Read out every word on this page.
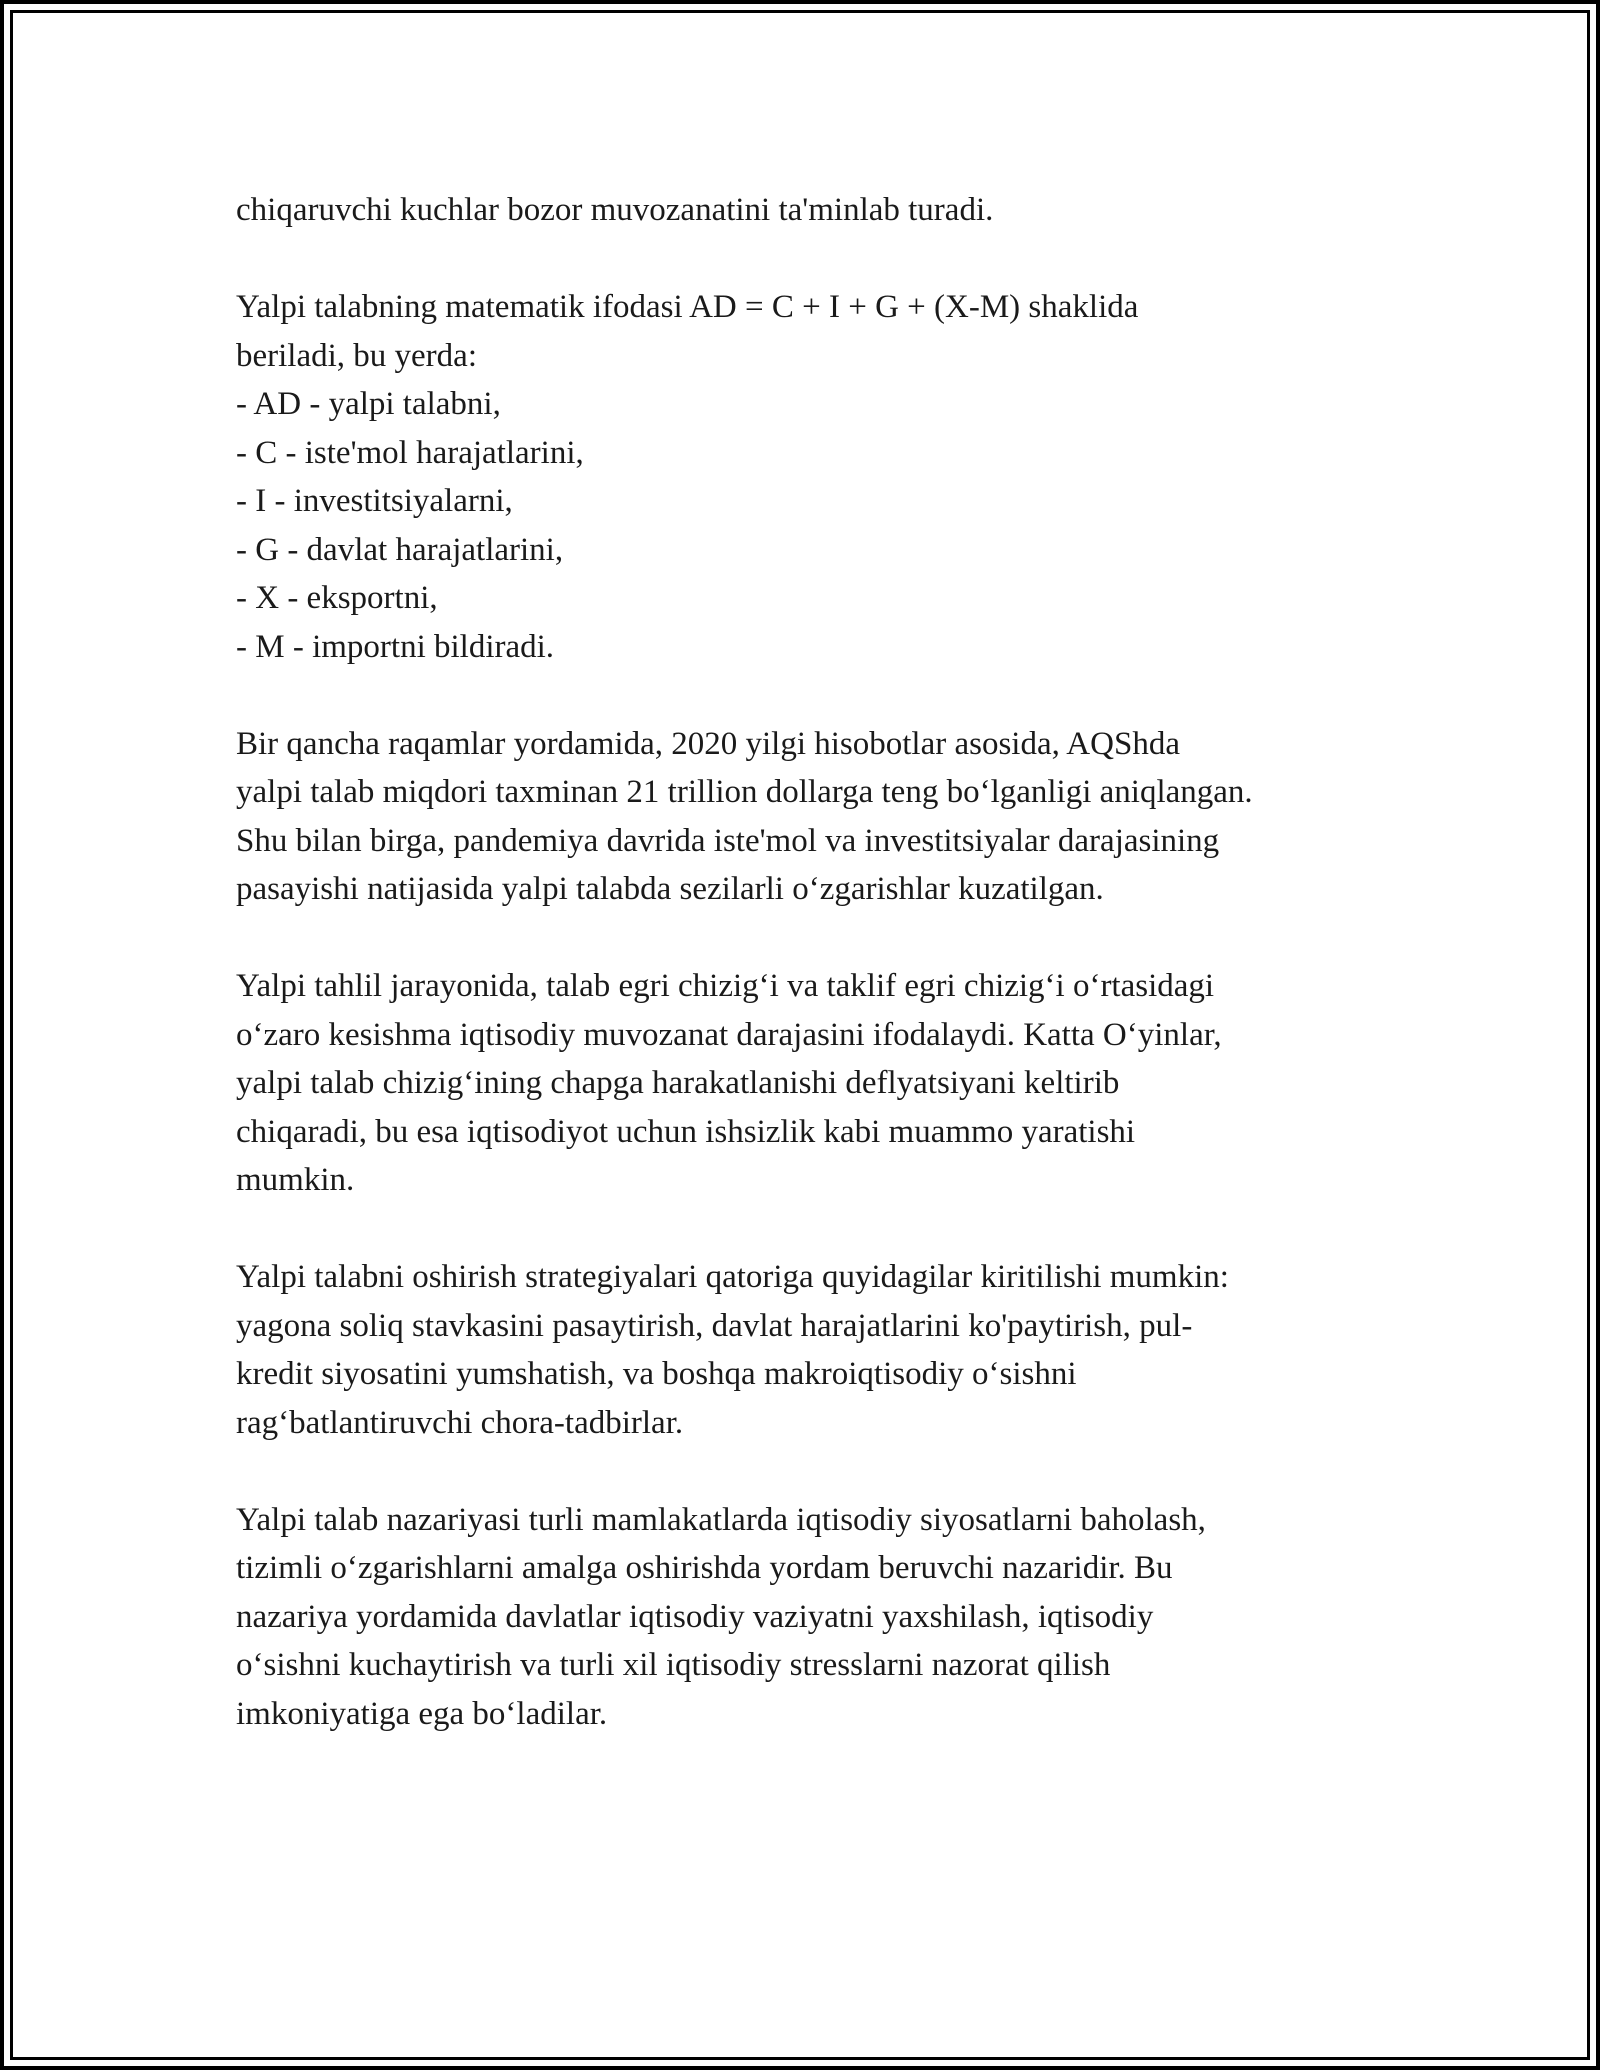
chiqaruvchi kuchlar bozor muvozanatini ta'minlab turadi.
Yalpi talabning matematik ifodasi AD = C + I + G + (X-M) shaklida
beriladi, bu yerda:
- AD - yalpi talabni,
- C - iste'mol harajatlarini,
- I - investitsiyalarni,
- G - davlat harajatlarini,
- X - eksportni,
- M - importni bildiradi.
Bir qancha raqamlar yordamida, 2020 yilgi hisobotlar asosida, AQShda
yalpi talab miqdori taxminan 21 trillion dollarga teng bo‘lganligi aniqlangan.
Shu bilan birga, pandemiya davrida iste'mol va investitsiyalar darajasining
pasayishi natijasida yalpi talabda sezilarli o‘zgarishlar kuzatilgan.
Yalpi tahlil jarayonida, talab egri chizig‘i va taklif egri chizig‘i o‘rtasidagi
o‘zaro kesishma iqtisodiy muvozanat darajasini ifodalaydi. Katta O‘yinlar,
yalpi talab chizig‘ining chapga harakatlanishi deflyatsiyani keltirib
chiqaradi, bu esa iqtisodiyot uchun ishsizlik kabi muammo yaratishi
mumkin.
Yalpi talabni oshirish strategiyalari qatoriga quyidagilar kiritilishi mumkin:
yagona soliq stavkasini pasaytirish, davlat harajatlarini ko'paytirish, pul-
kredit siyosatini yumshatish, va boshqa makroiqtisodiy o‘sishni
rag‘batlantiruvchi chora-tadbirlar.
Yalpi talab nazariyasi turli mamlakatlarda iqtisodiy siyosatlarni baholash,
tizimli o‘zgarishlarni amalga oshirishda yordam beruvchi nazaridir. Bu
nazariya yordamida davlatlar iqtisodiy vaziyatni yaxshilash, iqtisodiy
o‘sishni kuchaytirish va turli xil iqtisodiy stresslarni nazorat qilish
imkoniyatiga ega bo‘ladilar.
